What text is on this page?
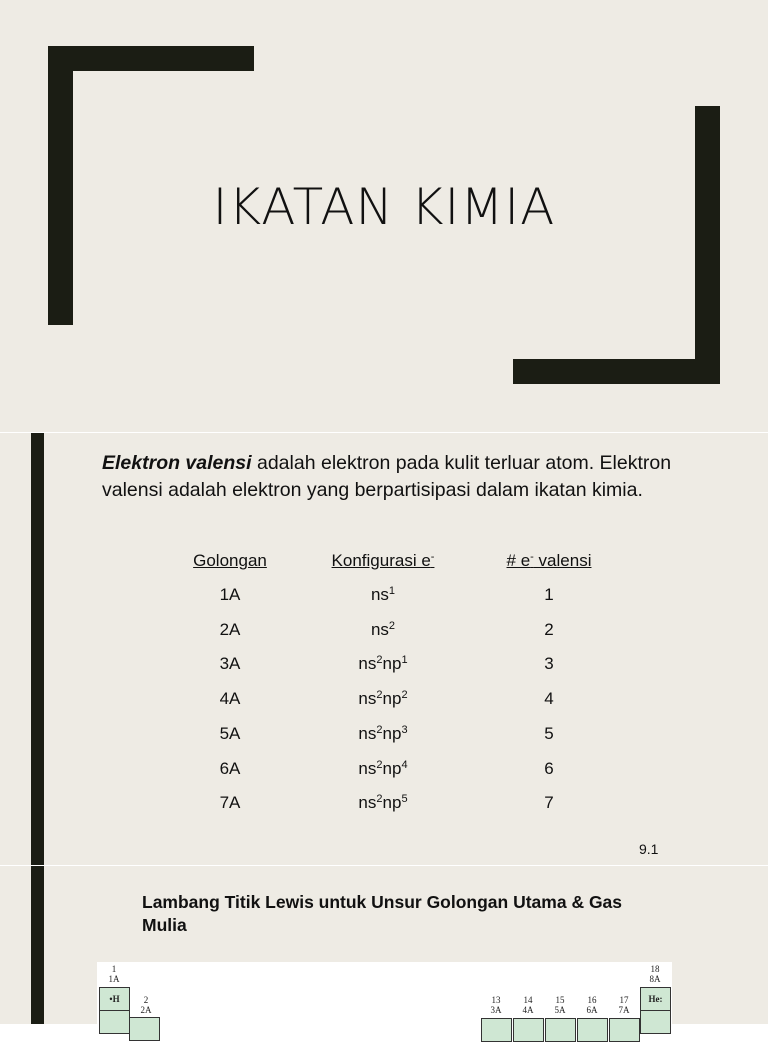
IKATAN KIMIA
Elektron valensi adalah elektron pada kulit terluar atom. Elektron valensi adalah elektron yang berpartisipasi dalam ikatan kimia.
Golongan	Konfigurasi e-	# e- valensi
1A	$ns^1$	1
2A	$ns^2$	2
3A	$ns^2np^1$	3
4A	$ns^2np^2$	4
5A	$ns^2np^3$	5
6A	$ns^2np^4$	6
7A	$ns^2np^5$	7
9.1
Lambang Titik Lewis untuk Unsur Golongan Utama & Gas Mulia
1
1A
•H	2
2A
13
3A
14
4A
15
5A
16
6A
17
7A
18
8A
He:
